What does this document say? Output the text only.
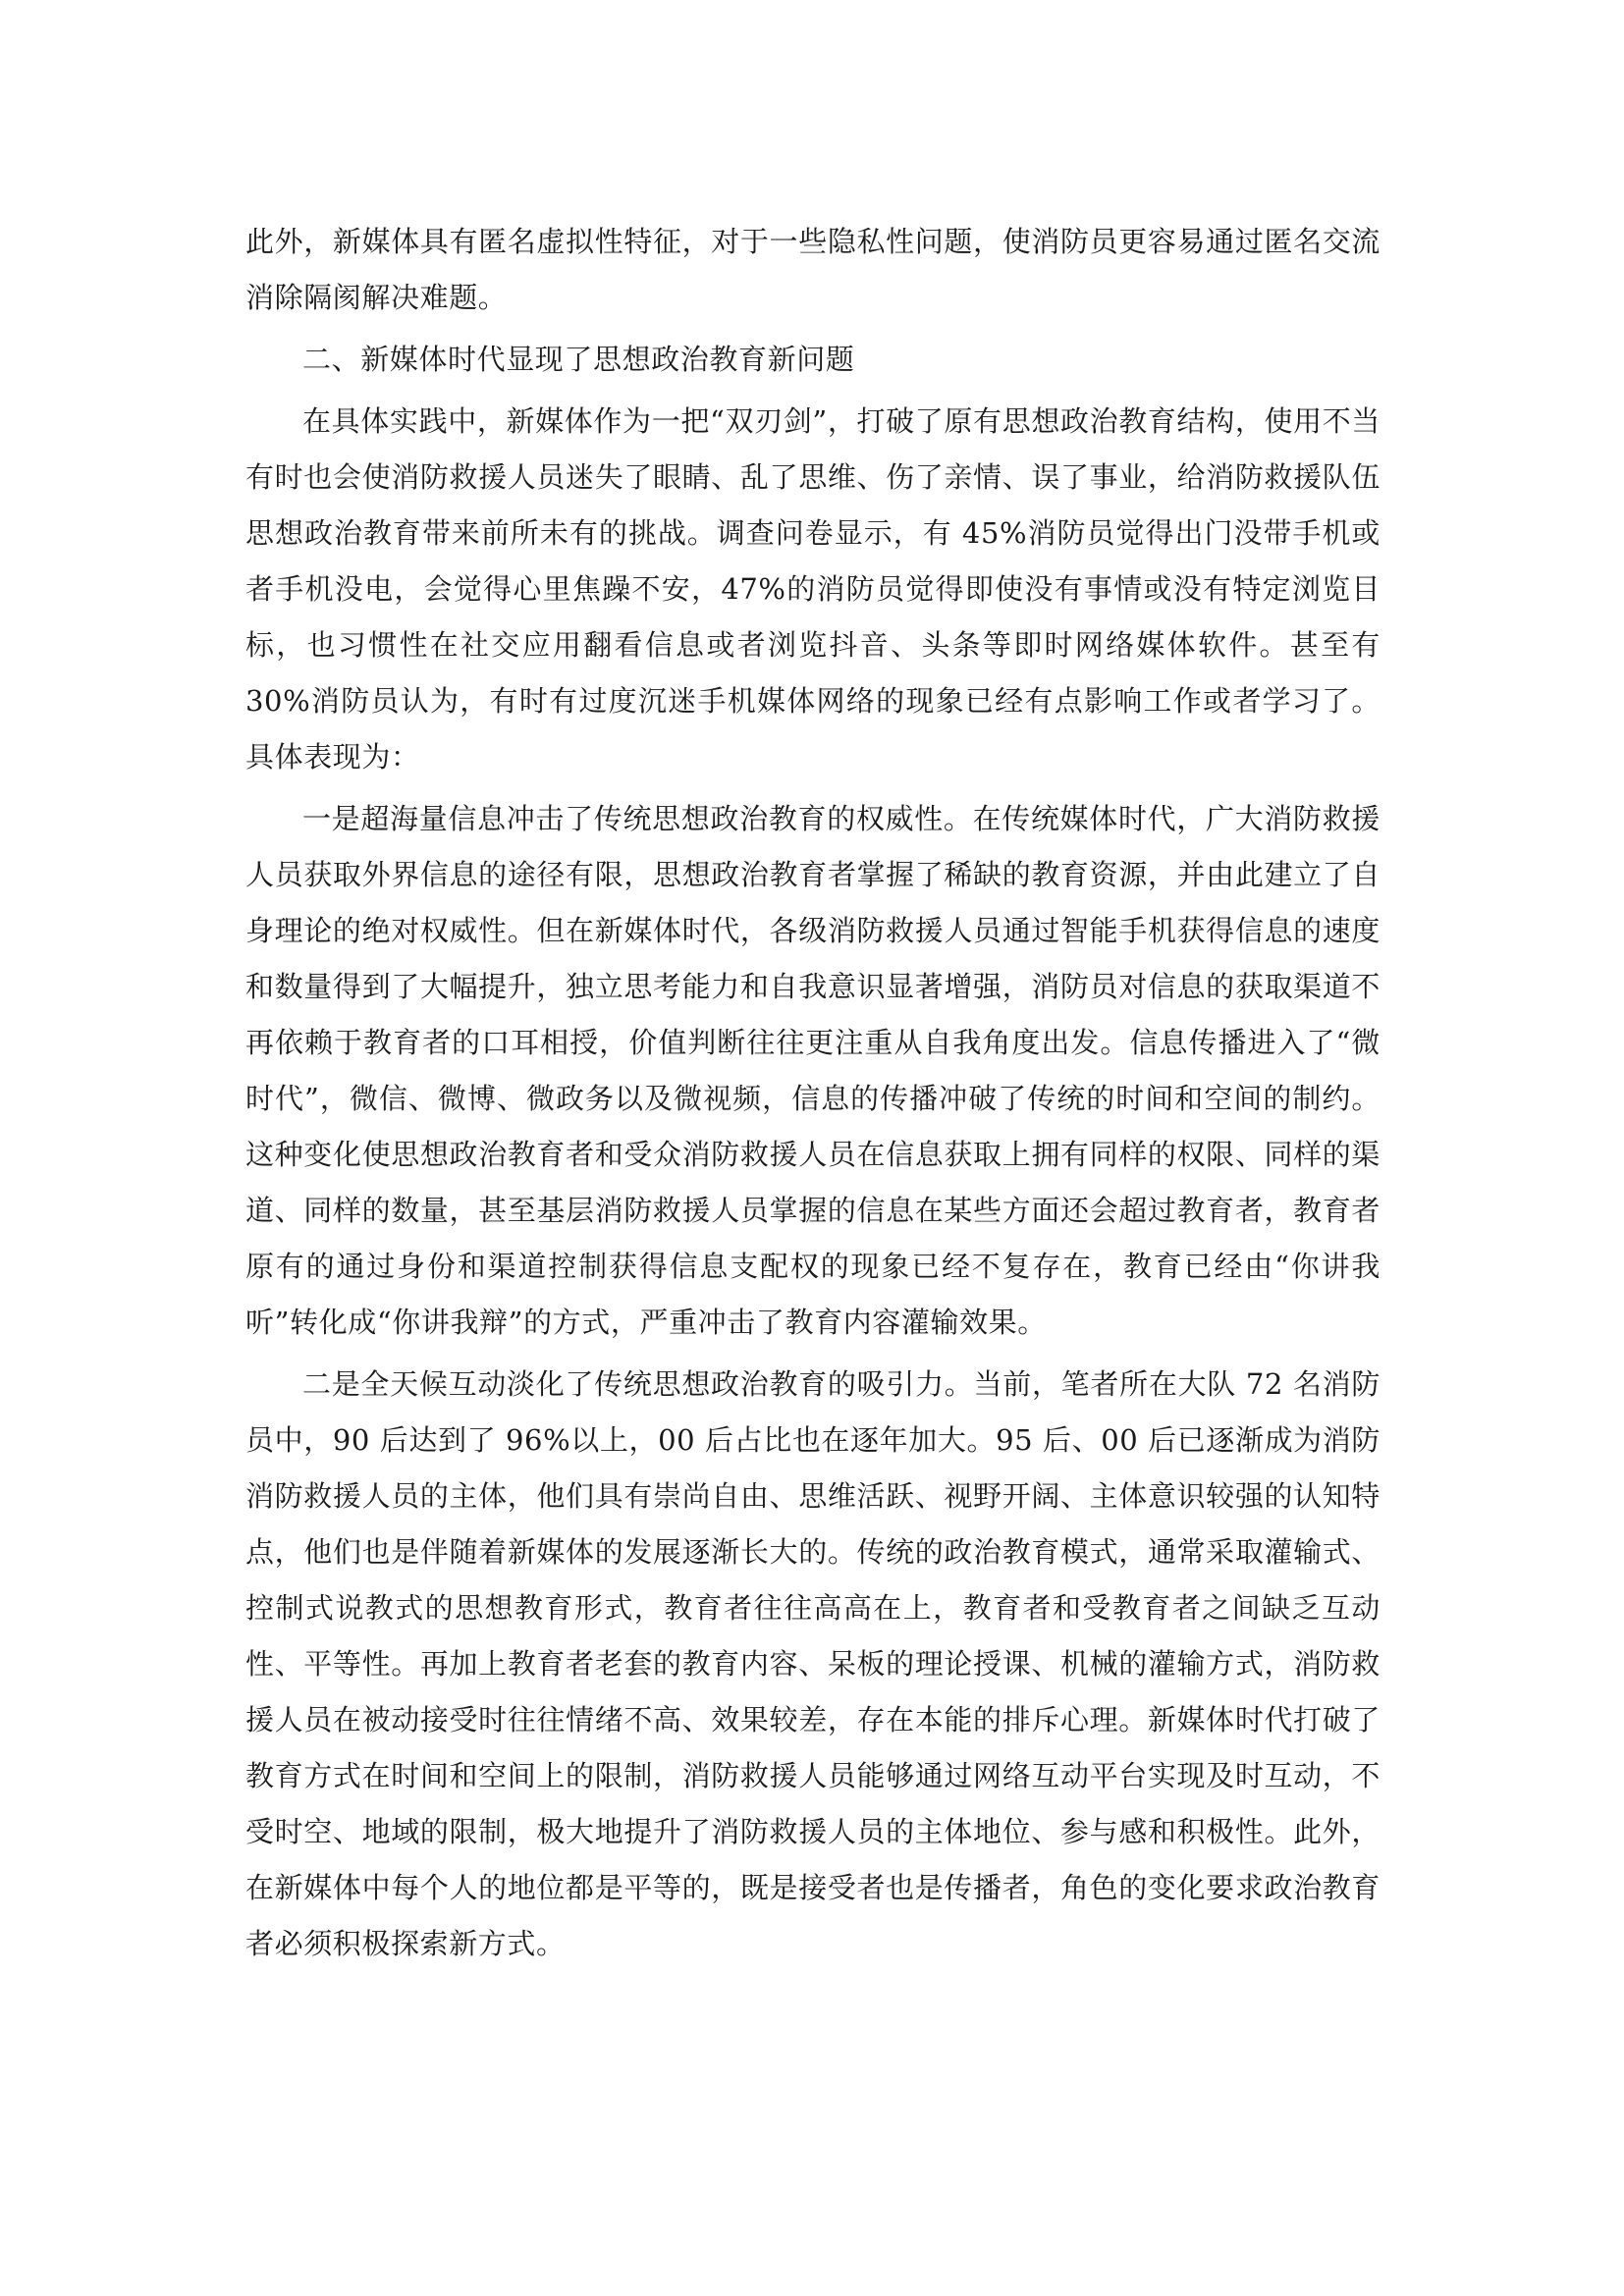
此外，新媒体具有匿名虚拟性特征，对于一些隐私性问题，使消防员更容易通过匿名交流消除隔阂解决难题。

二、新媒体时代显现了思想政治教育新问题

在具体实践中，新媒体作为一把“双刃剑”，打破了原有思想政治教育结构，使用不当有时也会使消防救援人员迷失了眼睛、乱了思维、伤了亲情、误了事业，给消防救援队伍思想政治教育带来前所未有的挑战。调查问卷显示，有 45%消防员觉得出门没带手机或者手机没电，会觉得心里焦躁不安，47%的消防员觉得即使没有事情或没有特定浏览目标，也习惯性在社交应用翻看信息或者浏览抖音、头条等即时网络媒体软件。甚至有 30%消防员认为，有时有过度沉迷手机媒体网络的现象已经有点影响工作或者学习了。具体表现为：

一是超海量信息冲击了传统思想政治教育的权威性。在传统媒体时代，广大消防救援人员获取外界信息的途径有限，思想政治教育者掌握了稀缺的教育资源，并由此建立了自身理论的绝对权威性。但在新媒体时代，各级消防救援人员通过智能手机获得信息的速度和数量得到了大幅提升，独立思考能力和自我意识显著增强，消防员对信息的获取渠道不再依赖于教育者的口耳相授，价值判断往往更注重从自我角度出发。信息传播进入了“微时代”，微信、微博、微政务以及微视频，信息的传播冲破了传统的时间和空间的制约。这种变化使思想政治教育者和受众消防救援人员在信息获取上拥有同样的权限、同样的渠道、同样的数量，甚至基层消防救援人员掌握的信息在某些方面还会超过教育者，教育者原有的通过身份和渠道控制获得信息支配权的现象已经不复存在，教育已经由“你讲我听”转化成“你讲我辩”的方式，严重冲击了教育内容灌输效果。

二是全天候互动淡化了传统思想政治教育的吸引力。当前，笔者所在大队 72 名消防员中，90 后达到了 96%以上，00 后占比也在逐年加大。95 后、00 后已逐渐成为消防消防救援人员的主体，他们具有崇尚自由、思维活跃、视野开阔、主体意识较强的认知特点，他们也是伴随着新媒体的发展逐渐长大的。传统的政治教育模式，通常采取灌输式、控制式说教式的思想教育形式，教育者往往高高在上，教育者和受教育者之间缺乏互动性、平等性。再加上教育者老套的教育内容、呆板的理论授课、机械的灌输方式，消防救援人员在被动接受时往往情绪不高、效果较差，存在本能的排斥心理。新媒体时代打破了教育方式在时间和空间上的限制，消防救援人员能够通过网络互动平台实现及时互动，不受时空、地域的限制，极大地提升了消防救援人员的主体地位、参与感和积极性。此外，在新媒体中每个人的地位都是平等的，既是接受者也是传播者，角色的变化要求政治教育者必须积极探索新方式。
